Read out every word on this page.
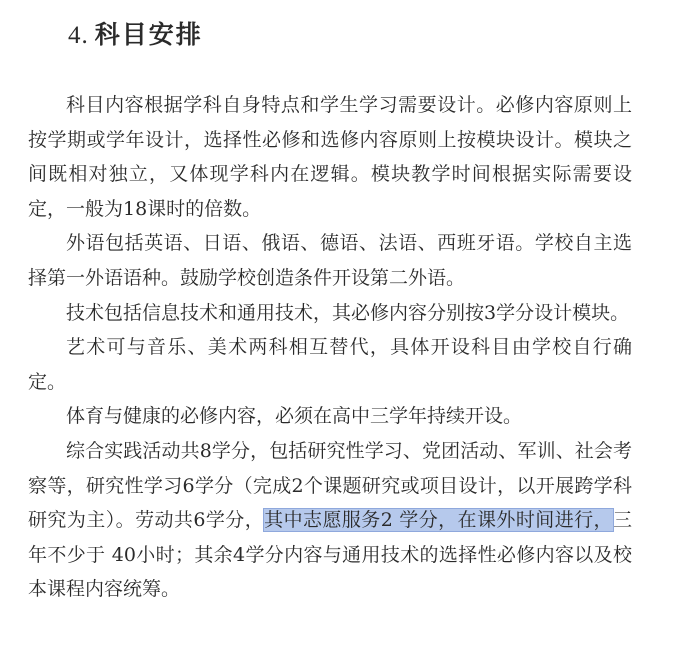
4. 科目安排

科目内容根据学科自身特点和学生学习需要设计。必修内容原则上按学期或学年设计，选择性必修和选修内容原则上按模块设计。模块之间既相对独立，又体现学科内在逻辑。模块教学时间根据实际需要设定，一般为18课时的倍数。

外语包括英语、日语、俄语、德语、法语、西班牙语。学校自主选择第一外语语种。鼓励学校创造条件开设第二外语。

技术包括信息技术和通用技术，其必修内容分别按3学分设计模块。

艺术可与音乐、美术两科相互替代，具体开设科目由学校自行确定。

体育与健康的必修内容，必须在高中三学年持续开设。

综合实践活动共8学分，包括研究性学习、党团活动、军训、社会考察等，研究性学习6学分（完成2个课题研究或项目设计，以开展跨学科研究为主）。劳动共6学分，其中志愿服务2 学分，在课外时间进行，三年不少于 40小时；其余4学分内容与通用技术的选择性必修内容以及校本课程内容统筹。
